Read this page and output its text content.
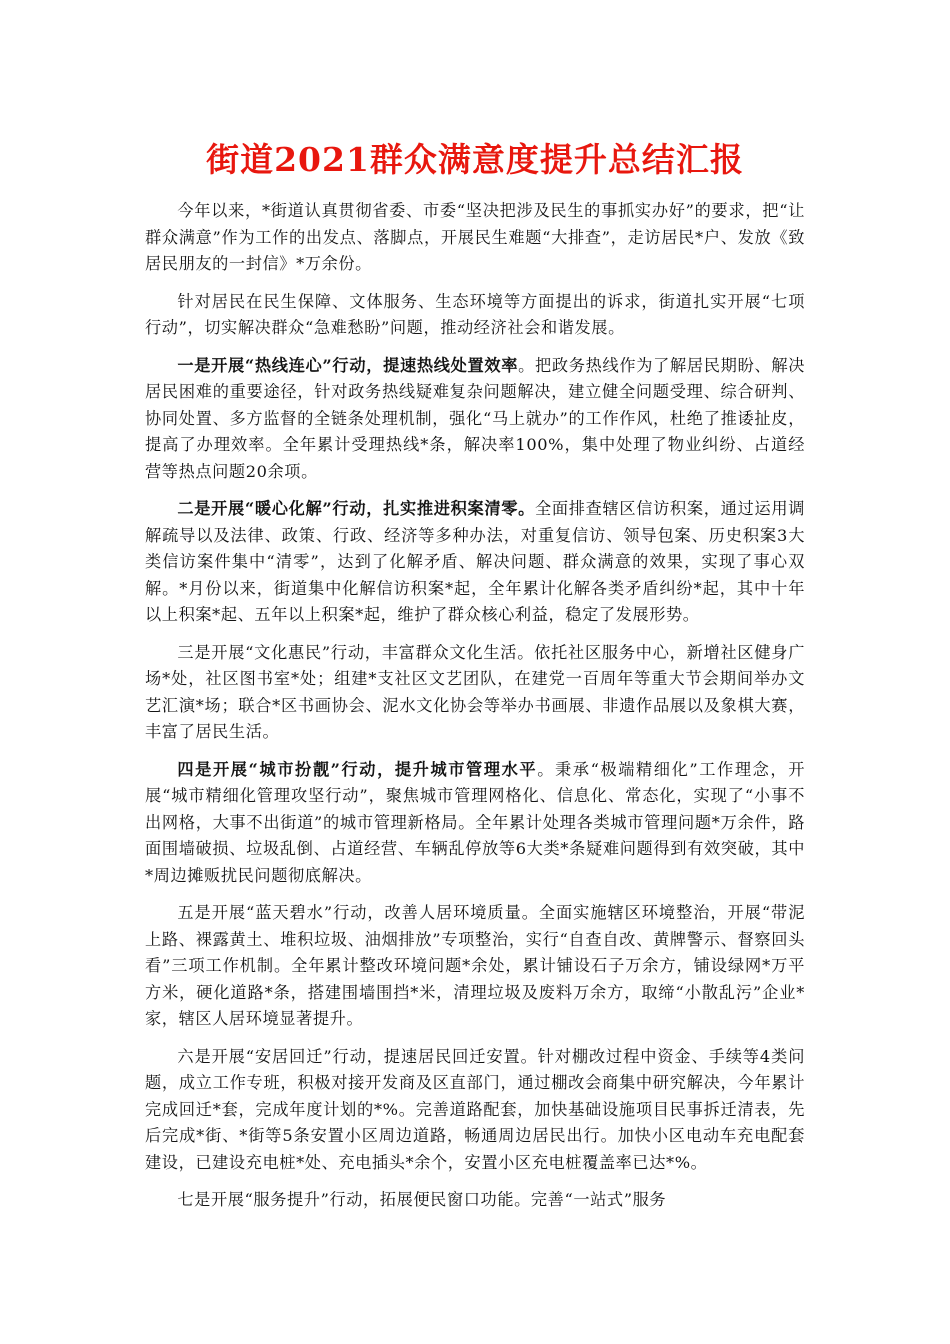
街道2021群众满意度提升总结汇报

今年以来，*街道认真贯彻省委、市委“坚决把涉及民生的事抓实办好”的要求，把“让群众满意”作为工作的出发点、落脚点，开展民生难题“大排查”，走访居民*户、发放《致居民朋友的一封信》*万余份。

针对居民在民生保障、文体服务、生态环境等方面提出的诉求，街道扎实开展“七项行动”，切实解决群众“急难愁盼”问题，推动经济社会和谐发展。

一是开展“热线连心”行动，提速热线处置效率。把政务热线作为了解居民期盼、解决居民困难的重要途径，针对政务热线疑难复杂问题解决，建立健全问题受理、综合研判、协同处置、多方监督的全链条处理机制，强化“马上就办”的工作作风，杜绝了推诿扯皮，提高了办理效率。全年累计受理热线*条，解决率100%，集中处理了物业纠纷、占道经营等热点问题20余项。

二是开展“暖心化解”行动，扎实推进积案清零。全面排查辖区信访积案，通过运用调解疏导以及法律、政策、行政、经济等多种办法，对重复信访、领导包案、历史积案3大类信访案件集中“清零”，达到了化解矛盾、解决问题、群众满意的效果，实现了事心双解。*月份以来，街道集中化解信访积案*起，全年累计化解各类矛盾纠纷*起，其中十年以上积案*起、五年以上积案*起，维护了群众核心利益，稳定了发展形势。

三是开展“文化惠民”行动，丰富群众文化生活。依托社区服务中心，新增社区健身广场*处，社区图书室*处；组建*支社区文艺团队，在建党一百周年等重大节会期间举办文艺汇演*场；联合*区书画协会、泥水文化协会等举办书画展、非遗作品展以及象棋大赛，丰富了居民生活。

四是开展“城市扮靓”行动，提升城市管理水平。秉承“极端精细化”工作理念，开展“城市精细化管理攻坚行动”，聚焦城市管理网格化、信息化、常态化，实现了“小事不出网格，大事不出街道”的城市管理新格局。全年累计处理各类城市管理问题*万余件，路面围墙破损、垃圾乱倒、占道经营、车辆乱停放等6大类*条疑难问题得到有效突破，其中*周边摊贩扰民问题彻底解决。

五是开展“蓝天碧水”行动，改善人居环境质量。全面实施辖区环境整治，开展“带泥上路、裸露黄土、堆积垃圾、油烟排放”专项整治，实行“自查自改、黄牌警示、督察回头看”三项工作机制。全年累计整改环境问题*余处，累计铺设石子万余方，铺设绿网*万平方米，硬化道路*条，搭建围墙围挡*米，清理垃圾及废料万余方，取缔“小散乱污”企业*家，辖区人居环境显著提升。

六是开展“安居回迁”行动，提速居民回迁安置。针对棚改过程中资金、手续等4类问题，成立工作专班，积极对接开发商及区直部门，通过棚改会商集中研究解决，今年累计完成回迁*套，完成年度计划的*%。完善道路配套，加快基础设施项目民事拆迁清表，先后完成*街、*街等5条安置小区周边道路，畅通周边居民出行。加快小区电动车充电配套建设，已建设充电桩*处、充电插头*余个，安置小区充电桩覆盖率已达*%。

七是开展“服务提升”行动，拓展便民窗口功能。完善“一站式”服务
